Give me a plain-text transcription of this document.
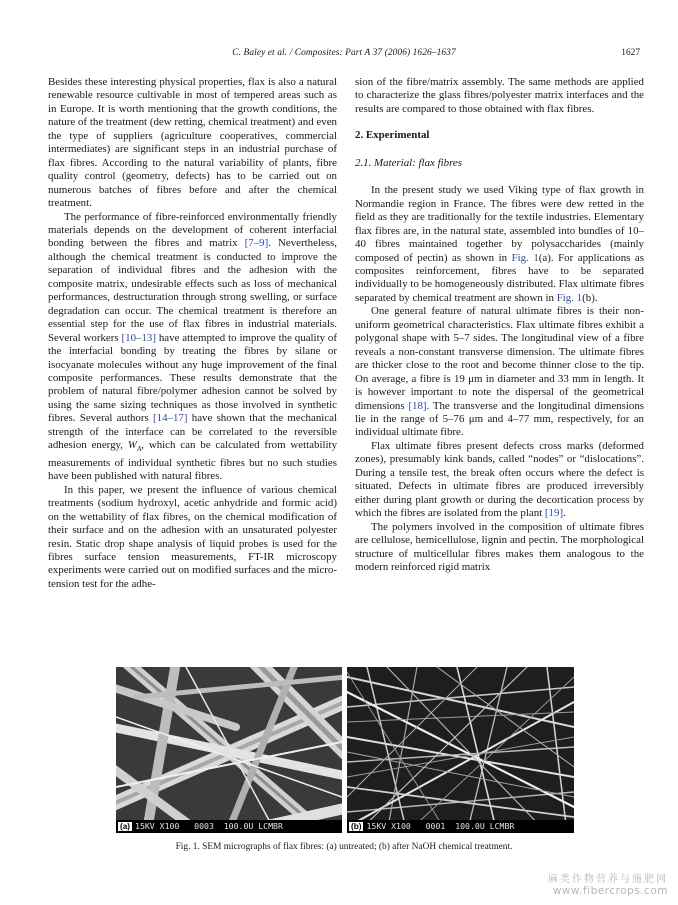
C. Baley et al. / Composites: Part A 37 (2006) 1626–1637	1627

Besides these interesting physical properties, flax is also a natural renewable resource cultivable in most of tempered areas such as in Europe. It is worth mentioning that the growth conditions, the nature of the treatment (dew retting, chemical treatment) and even the type of suppliers (agriculture cooperatives, commercial intermediates) are significant steps in an industrial purchase of flax fibres. According to the natural variability of plants, fibre quality control (geometry, defects) has to be carried out on numerous batches of fibres before and after the chemical treatment.

The performance of fibre-reinforced environmentally friendly materials depends on the development of coherent interfacial bonding between the fibres and matrix [7–9]. Nevertheless, although the chemical treatment is conducted to improve the separation of individual fibres and the adhesion with the composite matrix, undesirable effects such as loss of mechanical performances, destructuration through strong swelling, or surface degradation can occur. The chemical treatment is therefore an essential step for the use of flax fibres in industrial materials. Several workers [10–13] have attempted to improve the quality of the interfacial bonding by treating the fibres by silane or isocyanate molecules without any huge improvement of the final composite performances. These results demonstrate that the problem of natural fibre/polymer adhesion cannot be solved by using the same sizing techniques as those involved in synthetic fibres. Several authors [14–17] have shown that the mechanical strength of the interface can be correlated to the reversible adhesion energy, $W_A$, which can be calculated from wettability measurements of individual synthetic fibres but no such studies have been published with natural fibres.

In this paper, we present the influence of various chemical treatments (sodium hydroxyl, acetic anhydride and formic acid) on the wettability of flax fibres, on the chemical modification of their surface and on the adhesion with an unsaturated polyester resin. Static drop shape analysis of liquid probes is used for the fibres surface tension measurements, FT-IR microscopy experiments were carried out on modified surfaces and the micro-tension test for the adhe-

sion of the fibre/matrix assembly. The same methods are applied to characterize the glass fibres/polyester matrix interfaces and the results are compared to those obtained with flax fibres.

2. Experimental

2.1. Material: flax fibres

In the present study we used Viking type of flax growth in Normandie region in France. The fibres were dew retted in the field as they are traditionally for the textile industries. Elementary flax fibres are, in the natural state, assembled into bundles of 10–40 fibres maintained together by polysaccharides (mainly composed of pectin) as shown in Fig. 1(a). For applications as composites reinforcement, fibres have to be separated individually to be homogeneously distributed. Flax ultimate fibres separated by chemical treatment are shown in Fig. 1(b).

One general feature of natural ultimate fibres is their non-uniform geometrical characteristics. Flax ultimate fibres exhibit a polygonal shape with 5–7 sides. The longitudinal view of a fibre reveals a non-constant transverse dimension. The ultimate fibres are thicker close to the root and become thinner close to the tip. On average, a fibre is 19 μm in diameter and 33 mm in length. It is however important to note the dispersal of the geometrical dimensions [18]. The transverse and the longitudinal dimensions lie in the range of 5–76 μm and 4–77 mm, respectively, for an individual ultimate fibre.

Flax ultimate fibres present defects cross marks (deformed zones), presumably kink bands, called “nodes” or “dislocations”. During a tensile test, the break often occurs where the defect is situated. Defects in ultimate fibres are produced irreversibly either during plant growth or during the decortication process by which the fibres are isolated from the plant [19].

The polymers involved in the composition of ultimate fibres are cellulose, hemicellulose, lignin and pectin. The morphological structure of multicellular fibres makes them analogous to the modern reinforced rigid matrix

(a) 15KV X100   0003  100.0U LCMBR	(b) 15KV X100   0001  100.0U LCMBR
Fig. 1. SEM micrographs of flax fibres: (a) untreated; (b) after NaOH chemical treatment.
麻类作物营养与施肥网
www.fibercrops.com
